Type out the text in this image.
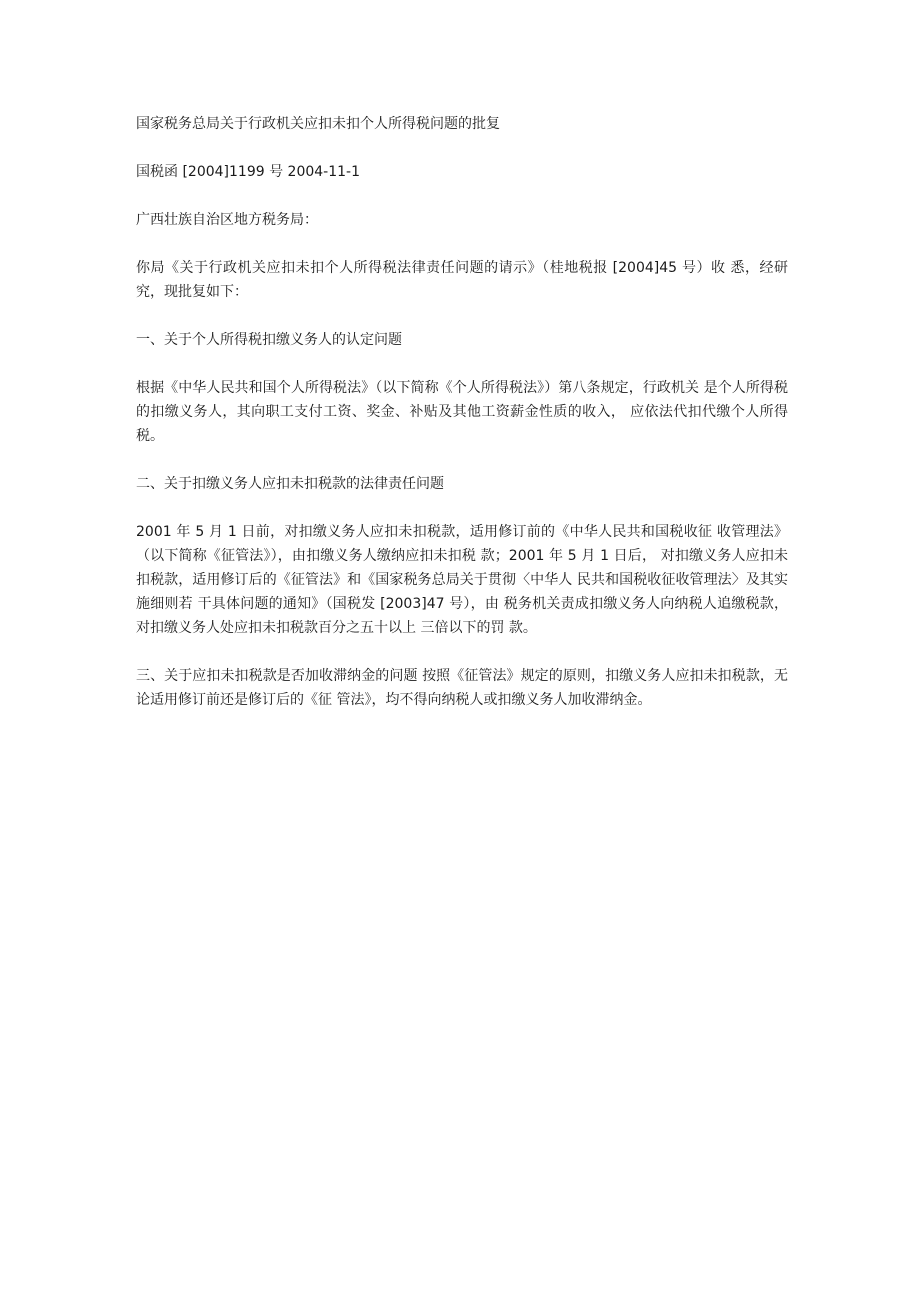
国家税务总局关于行政机关应扣未扣个人所得税问题的批复

国税函 [2004]1199 号 2004-11-1

广西壮族自治区地方税务局：

你局《关于行政机关应扣未扣个人所得税法律责任问题的请示》（桂地税报 [2004]45 号）收 悉，经研究，现批复如下：

一、关于个人所得税扣缴义务人的认定问题

根据《中华人民共和国个人所得税法》（以下简称《个人所得税法》）第八条规定，行政机关 是个人所得税的扣缴义务人，其向职工支付工资、奖金、补贴及其他工资薪金性质的收入， 应依法代扣代缴个人所得税。

二、关于扣缴义务人应扣未扣税款的法律责任问题

2001 年 5 月 1 日前，对扣缴义务人应扣未扣税款，适用修订前的《中华人民共和国税收征 收管理法》（以下简称《征管法》），由扣缴义务人缴纳应扣未扣税 款；2001 年 5 月 1 日后， 对扣缴义务人应扣未扣税款，适用修订后的《征管法》和《国家税务总局关于贯彻〈中华人 民共和国税收征收管理法〉及其实施细则若 干具体问题的通知》（国税发 [2003]47 号），由 税务机关责成扣缴义务人向纳税人追缴税款， 对扣缴义务人处应扣未扣税款百分之五十以上 三倍以下的罚 款。

三、关于应扣未扣税款是否加收滞纳金的问题 按照《征管法》规定的原则，扣缴义务人应扣未扣税款，无论适用修订前还是修订后的《征 管法》，均不得向纳税人或扣缴义务人加收滞纳金。
